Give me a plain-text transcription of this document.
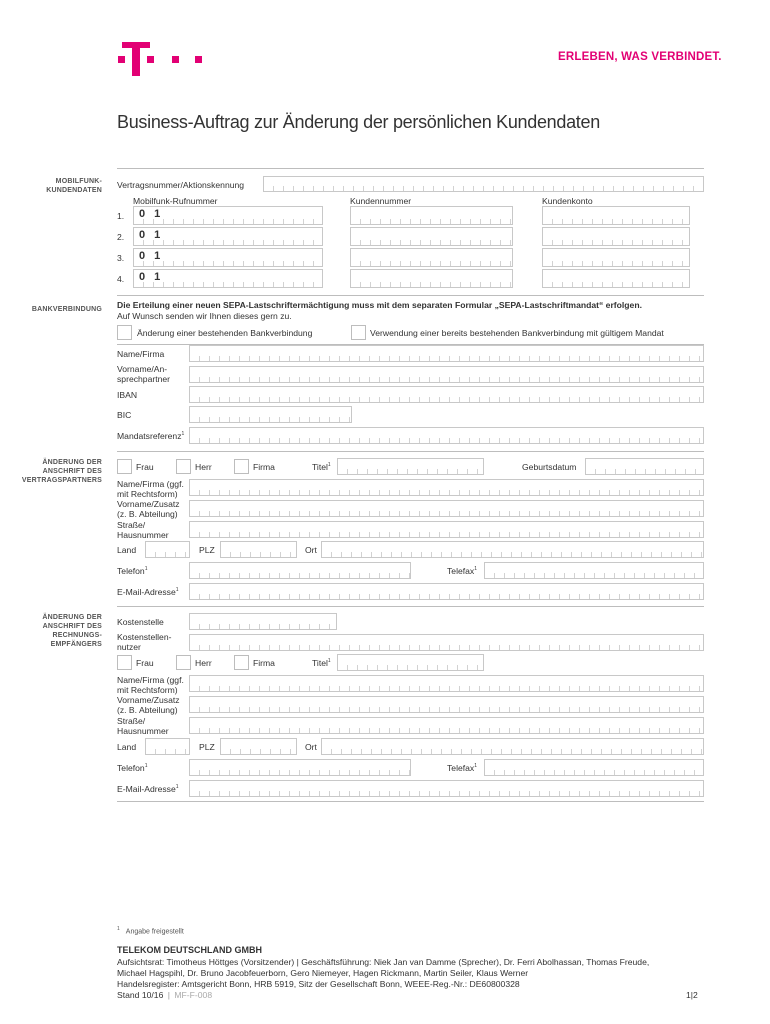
ERLEBEN, WAS VERBINDET.
Business-Auftrag zur Änderung der persönlichen Kundendaten
MOBILFUNK-
KUNDENDATEN
Vertragsnummer/Aktionskennung
Mobilfunk-Rufnummer	Kundennummer	Kundenkonto
1. 0 1
2. 0 1
3. 0 1
4. 0 1
BANKVERBINDUNG Die Erteilung einer neuen SEPA-Lastschriftermächtigung muss mit dem separaten Formular „SEPA-Lastschriftmandat“ erfolgen.
Auf Wunsch senden wir Ihnen dieses gern zu.
Änderung einer bestehenden Bankverbindung	Verwendung einer bereits bestehenden Bankverbindung mit gültigem Mandat
Name/Firma
Vorname/An-
sprechpartner
IBAN
BIC
Mandatsreferenz$^1$
ÄNDERUNG DER
ANSCHRIFT DES
VERTRAGSPARTNERS
Frau	Herr	Firma	Titel$^1$	Geburtsdatum
Name/Firma (ggf.
mit Rechtsform)
Vorname/Zusatz
(z. B. Abteilung)
Straße/
Hausnummer
Land	PLZ	Ort
Telefon$^1$	Telefax$^1$
E-Mail-Adresse$^1$
ÄNDERUNG DER
ANSCHRIFT DES
RECHNUNGS-
EMPFÄNGERS
Kostenstelle
Kostenstellen-
nutzer
Frau	Herr	Firma	Titel$^1$
Name/Firma (ggf.
mit Rechtsform)
Vorname/Zusatz
(z. B. Abteilung)
Straße/
Hausnummer
Land	PLZ	Ort
Telefon$^1$	Telefax$^1$
E-Mail-Adresse$^1$
$^1$ Angabe freigestellt
TELEKOM DEUTSCHLAND GMBH
Aufsichtsrat: Timotheus Höttges (Vorsitzender) | Geschäftsführung: Niek Jan van Damme (Sprecher), Dr. Ferri Abolhassan, Thomas Freude,
Michael Hagspihl, Dr. Bruno Jacobfeuerborn, Gero Niemeyer, Hagen Rickmann, Martin Seiler, Klaus Werner
Handelsregister: Amtsgericht Bonn, HRB 5919, Sitz der Gesellschaft Bonn, WEEE-Reg.-Nr.: DE60800328
Stand 10/16 | MF-F-008	1|2
